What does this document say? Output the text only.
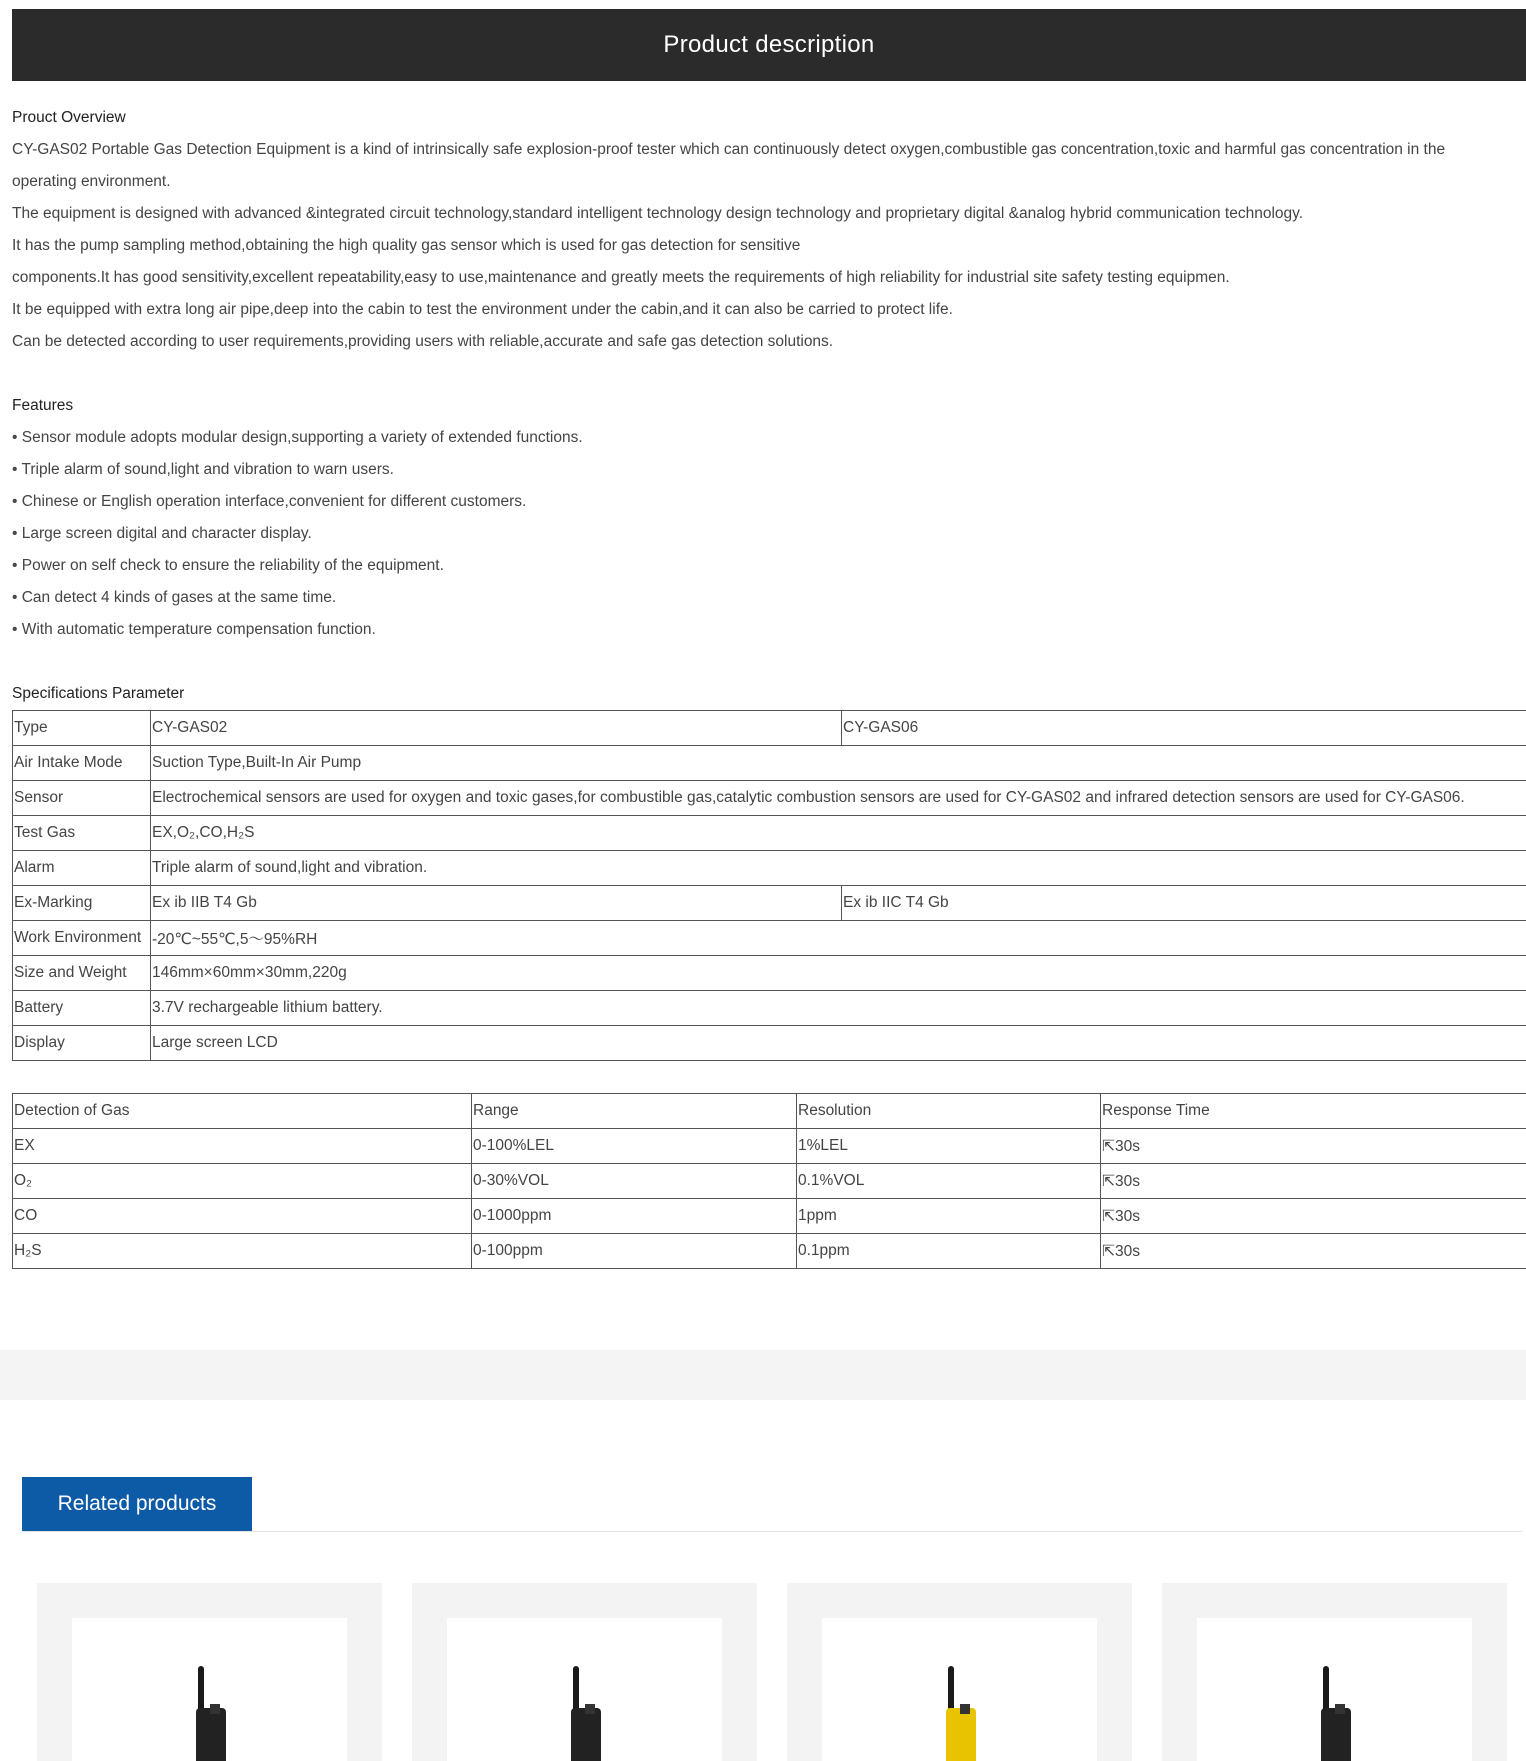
Product description
Prouct Overview
CY-GAS02 Portable Gas Detection Equipment is a kind of intrinsically safe explosion-proof tester which can continuously detect oxygen,combustible gas concentration,toxic and harmful gas concentration in the
operating environment.
The equipment is designed with advanced &integrated circuit technology,standard intelligent technology design technology and proprietary digital &analog hybrid communication technology.
It has the pump sampling method,obtaining the high quality gas sensor which is used for gas detection for sensitive
components.It has good sensitivity,excellent repeatability,easy to use,maintenance and greatly meets the requirements of high reliability for industrial site safety testing equipmen.
It be equipped with extra long air pipe,deep into the cabin to test the environment under the cabin,and it can also be carried to protect life.
Can be detected according to user requirements,providing users with reliable,accurate and safe gas detection solutions.
Features
• Sensor module adopts modular design,supporting a variety of extended functions.
• Triple alarm of sound,light and vibration to warn users.
• Chinese or English operation interface,convenient for different customers.
• Large screen digital and character display.
• Power on self check to ensure the reliability of the equipment.
• Can detect 4 kinds of gases at the same time.
• With automatic temperature compensation function.
Specifications Parameter
Type	CY-GAS02	CY-GAS06
Air Intake Mode	Suction Type,Built-In Air Pump	
Sensor	Electrochemical sensors are used for oxygen and toxic gases,for combustible gas,catalytic combustion sensors are used for CY-GAS02 and infrared detection sensors are used for CY-GAS06.	
Test Gas	EX,O₂,CO,H₂S	
Alarm	Triple alarm of sound,light and vibration.	
Ex-Marking	Ex ib IIB T4 Gb	Ex ib IIC T4 Gb
Work Environment	-20℃~55℃,5～95%RH	
Size and Weight	146mm×60mm×30mm,220g	
Battery	3.7V rechargeable lithium battery.	
Display	Large screen LCD	
Detection of Gas	Range	Resolution	Response Time
EX	0-100%LEL	1%LEL	⇱30s
O₂	0-30%VOL	0.1%VOL	⇱30s
CO	0-1000ppm	1ppm	⇱30s
H₂S	0-100ppm	0.1ppm	⇱30s
Related products
